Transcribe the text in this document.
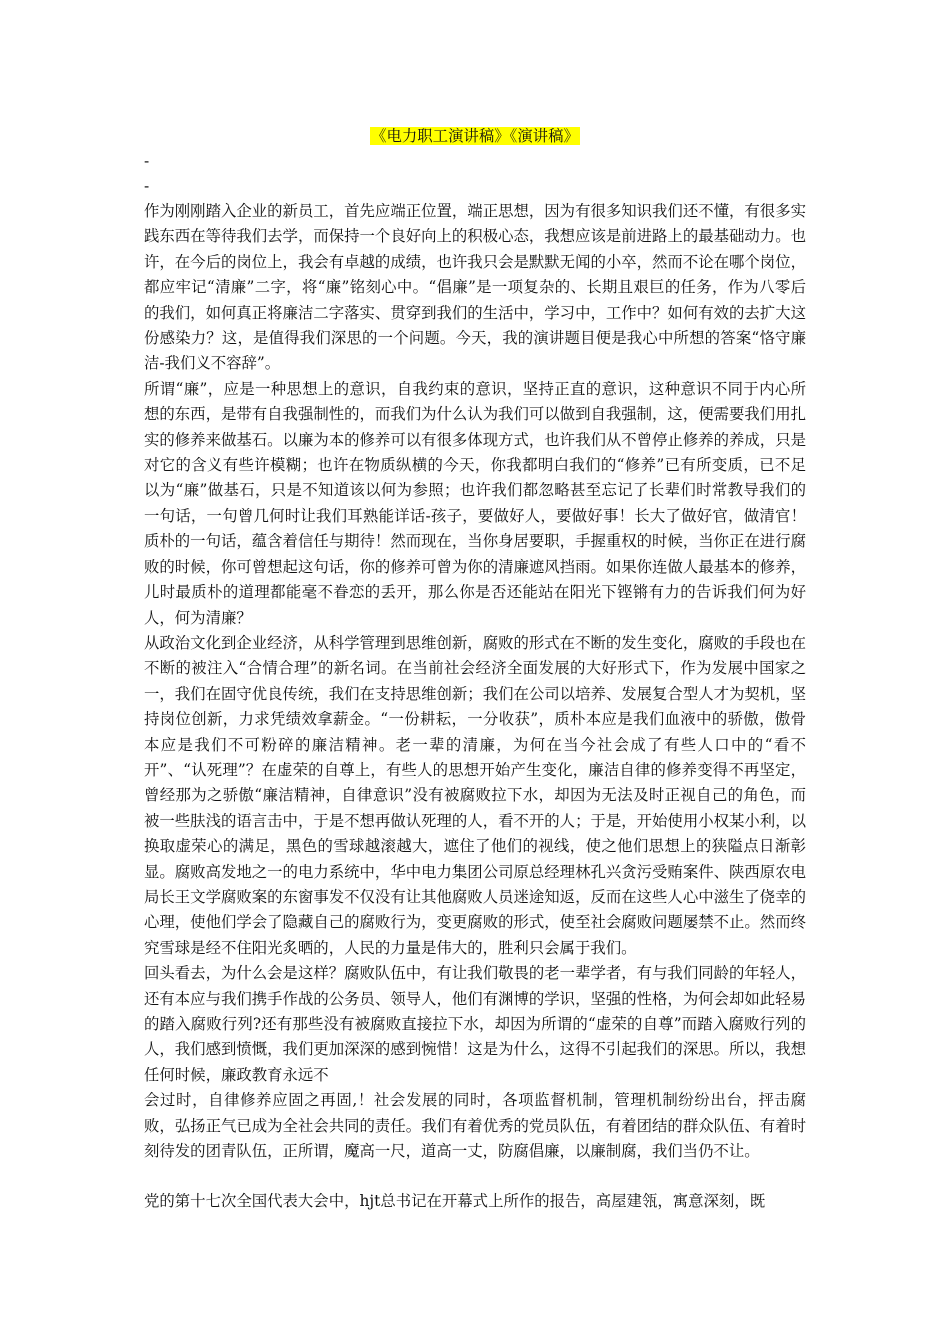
《电力职工演讲稿》《演讲稿》

-

-

作为刚刚踏入企业的新员工，首先应端正位置，端正思想，因为有很多知识我们还不懂，有很多实践东西在等待我们去学，而保持一个良好向上的积极心态，我想应该是前进路上的最基础动力。也许，在今后的岗位上，我会有卓越的成绩，也许我只会是默默无闻的小卒，然而不论在哪个岗位，都应牢记“清廉”二字，将“廉”铭刻心中。“倡廉”是一项复杂的、长期且艰巨的任务，作为八零后的我们，如何真正将廉洁二字落实、贯穿到我们的生活中，学习中，工作中？如何有效的去扩大这份感染力？这，是值得我们深思的一个问题。今天，我的演讲题目便是我心中所想的答案“恪守廉洁-我们义不容辞”。

所谓“廉”，应是一种思想上的意识，自我约束的意识，坚持正直的意识，这种意识不同于内心所想的东西，是带有自我强制性的，而我们为什么认为我们可以做到自我强制，这，便需要我们用扎实的修养来做基石。以廉为本的修养可以有很多体现方式，也许我们从不曾停止修养的养成，只是对它的含义有些许模糊；也许在物质纵横的今天，你我都明白我们的“修养”已有所变质，已不足以为“廉”做基石，只是不知道该以何为参照；也许我们都忽略甚至忘记了长辈们时常教导我们的一句话，一句曾几何时让我们耳熟能详话-孩子，要做好人，要做好事！长大了做好官，做清官！质朴的一句话，蕴含着信任与期待！然而现在，当你身居要职，手握重权的时候，当你正在进行腐败的时候，你可曾想起这句话，你的修养可曾为你的清廉遮风挡雨。如果你连做人最基本的修养，儿时最质朴的道理都能毫不眷恋的丢开，那么你是否还能站在阳光下铿锵有力的告诉我们何为好人，何为清廉？

从政治文化到企业经济，从科学管理到思维创新，腐败的形式在不断的发生变化，腐败的手段也在不断的被注入“合情合理”的新名词。在当前社会经济全面发展的大好形式下，作为发展中国家之一，我们在固守优良传统，我们在支持思维创新；我们在公司以培养、发展复合型人才为契机，坚持岗位创新，力求凭绩效拿薪金。“一份耕耘，一分收获”，质朴本应是我们血液中的骄傲，傲骨本应是我们不可粉碎的廉洁精神。老一辈的清廉，为何在当今社会成了有些人口中的“看不开”、“认死理”？在虚荣的自尊上，有些人的思想开始产生变化，廉洁自律的修养变得不再坚定，曾经那为之骄傲“廉洁精神，自律意识”没有被腐败拉下水，却因为无法及时正视自己的角色，而被一些肤浅的语言击中，于是不想再做认死理的人，看不开的人；于是，开始使用小权某小利，以换取虚荣心的满足，黑色的雪球越滚越大，遮住了他们的视线，使之他们思想上的狭隘点日渐彰显。腐败高发地之一的电力系统中，华中电力集团公司原总经理林孔兴贪污受贿案件、陕西原农电局长王文学腐败案的东窗事发不仅没有让其他腐败人员迷途知返，反而在这些人心中滋生了侥幸的心理，使他们学会了隐藏自己的腐败行为，变更腐败的形式，使至社会腐败问题屡禁不止。然而终究雪球是经不住阳光炙晒的，人民的力量是伟大的，胜利只会属于我们。

回头看去，为什么会是这样？腐败队伍中，有让我们敬畏的老一辈学者，有与我们同龄的年轻人，还有本应与我们携手作战的公务员、领导人，他们有渊博的学识，坚强的性格，为何会却如此轻易的踏入腐败行列?还有那些没有被腐败直接拉下水，却因为所谓的“虚荣的自尊”而踏入腐败行列的人，我们感到愤慨，我们更加深深的感到惋惜！这是为什么，这得不引起我们的深思。所以，我想任何时候，廉政教育永远不

会过时，自律修养应固之再固,！社会发展的同时，各项监督机制，管理机制纷纷出台，抨击腐败，弘扬正气已成为全社会共同的责任。我们有着优秀的党员队伍，有着团结的群众队伍、有着时刻待发的团青队伍，正所谓，魔高一尺，道高一丈，防腐倡廉，以廉制腐，我们当仍不让。

党的第十七次全国代表大会中，hjt总书记在开幕式上所作的报告，高屋建瓴，寓意深刻，既
